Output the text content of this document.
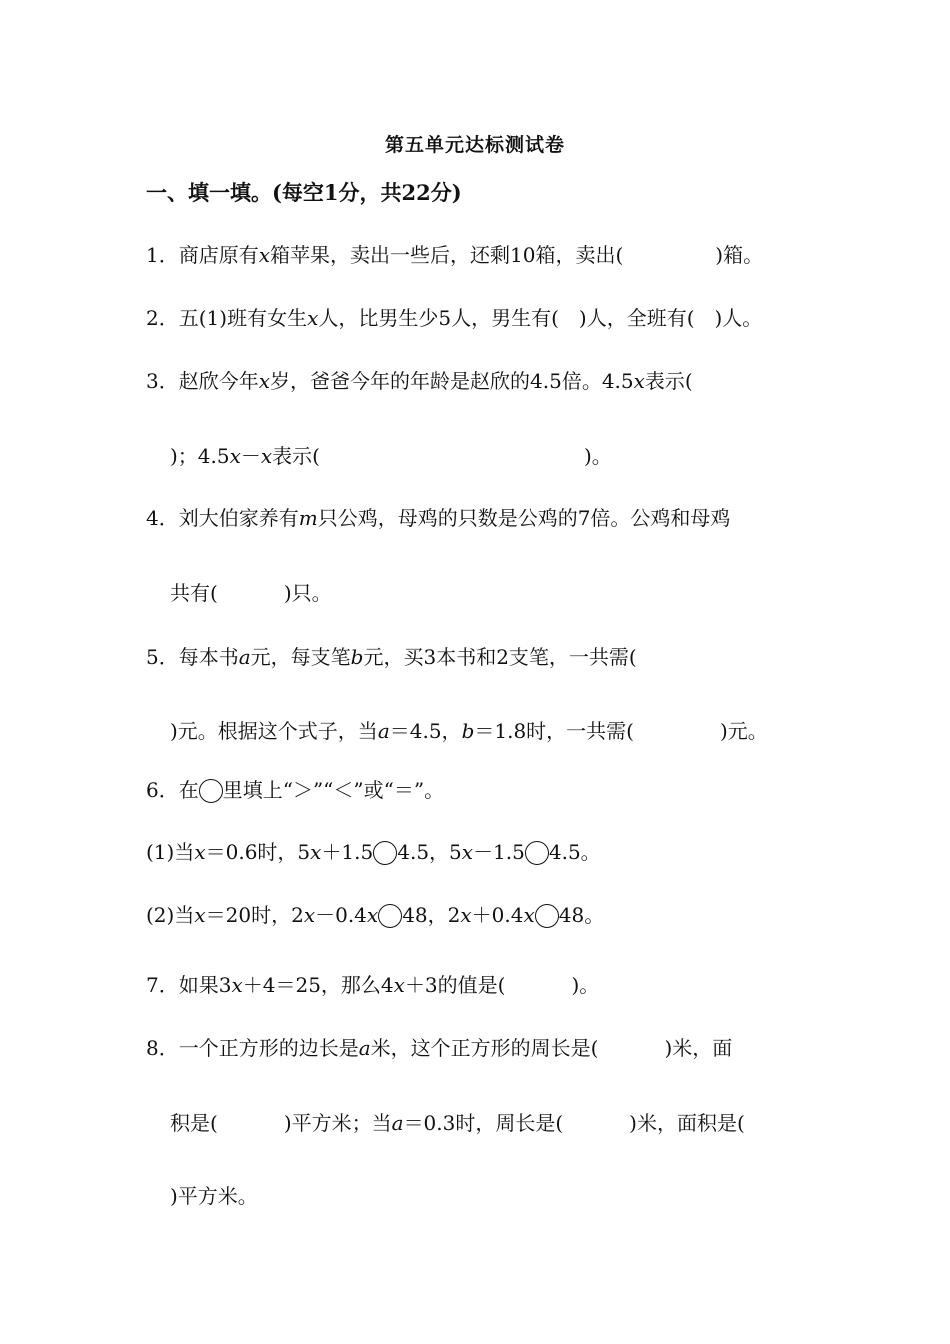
第五单元达标测试卷
一、填一填。(每空1分，共22分)
1．商店原有x箱苹果，卖出一些后，还剩10箱，卖出(	)箱。
2．五(1)班有女生x人，比男生少5人，男生有( )人，全班有( )人。
3．赵欣今年x岁，爸爸今年的年龄是赵欣的4.5倍。4.5x表示(
)；4.5x－x表示(	)。
4．刘大伯家养有m只公鸡，母鸡的只数是公鸡的7倍。公鸡和母鸡
共有(	)只。
5．每本书a元，每支笔b元，买3本书和2支笔，一共需(
)元。根据这个式子，当a＝4.5，b＝1.8时，一共需(	)元。
6．在 里填上“＞”“＜”或“＝”。
(1)当x＝0.6时，5x＋1.5 4.5，5x－1.5 4.5。
(2)当x＝20时，2x－0.4x 48，2x＋0.4x 48。
7．如果3x＋4＝25，那么4x＋3的值是(	)。
8．一个正方形的边长是a米，这个正方形的周长是(	)米，面
积是(	)平方米；当a＝0.3时，周长是(	)米，面积是(
)平方米。
